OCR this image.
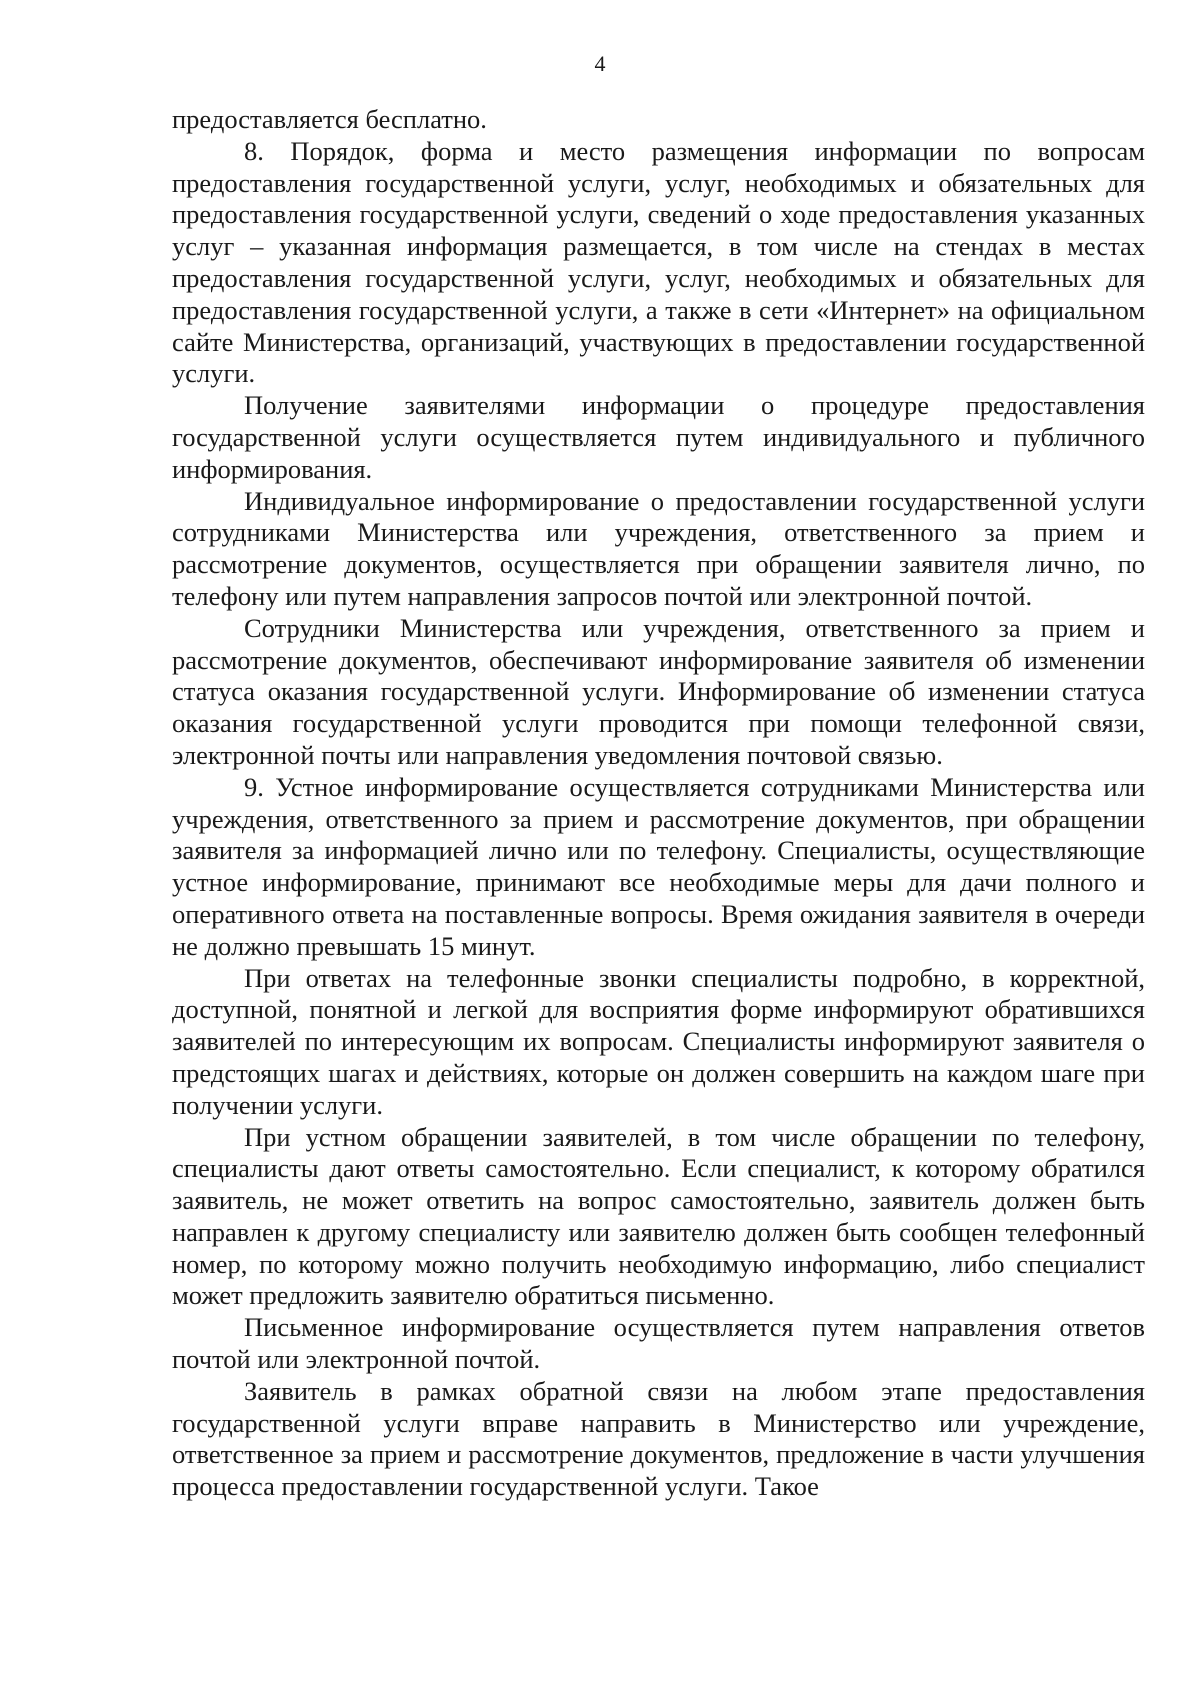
4

предоставляется бесплатно.

8. Порядок, форма и место размещения информации по вопросам предоставления государственной услуги, услуг, необходимых и обязательных для предоставления государственной услуги, сведений о ходе предоставления указанных услуг – указанная информация размещается, в том числе на стендах в местах предоставления государственной услуги, услуг, необходимых и обязательных для предоставления государственной услуги, а также в сети «Интернет» на официальном сайте Министерства, организаций, участвующих в предоставлении государственной услуги.

Получение заявителями информации о процедуре предоставления государственной услуги осуществляется путем индивидуального и публичного информирования.

Индивидуальное информирование о предоставлении государственной услуги сотрудниками Министерства или учреждения, ответственного за прием и рассмотрение документов, осуществляется при обращении заявителя лично, по телефону или путем направления запросов почтой или электронной почтой.

Сотрудники Министерства или учреждения, ответственного за прием и рассмотрение документов, обеспечивают информирование заявителя об изменении статуса оказания государственной услуги. Информирование об изменении статуса оказания государственной услуги проводится при помощи телефонной связи, электронной почты или направления уведомления почтовой связью.

9. Устное информирование осуществляется сотрудниками Министерства или учреждения, ответственного за прием и рассмотрение документов, при обращении заявителя за информацией лично или по телефону. Специалисты, осуществляющие устное информирование, принимают все необходимые меры для дачи полного и оперативного ответа на поставленные вопросы. Время ожидания заявителя в очереди не должно превышать 15 минут.

При ответах на телефонные звонки специалисты подробно, в корректной, доступной, понятной и легкой для восприятия форме информируют обратившихся заявителей по интересующим их вопросам. Специалисты информируют заявителя о предстоящих шагах и действиях, которые он должен совершить на каждом шаге при получении услуги.

При устном обращении заявителей, в том числе обращении по телефону, специалисты дают ответы самостоятельно. Если специалист, к которому обратился заявитель, не может ответить на вопрос самостоятельно, заявитель должен быть направлен к другому специалисту или заявителю должен быть сообщен телефонный номер, по которому можно получить необходимую информацию, либо специалист может предложить заявителю обратиться письменно.

Письменное информирование осуществляется путем направления ответов почтой или электронной почтой.

Заявитель в рамках обратной связи на любом этапе предоставления государственной услуги вправе направить в Министерство или учреждение, ответственное за прием и рассмотрение документов, предложение в части улучшения процесса предоставлении государственной услуги. Такое
